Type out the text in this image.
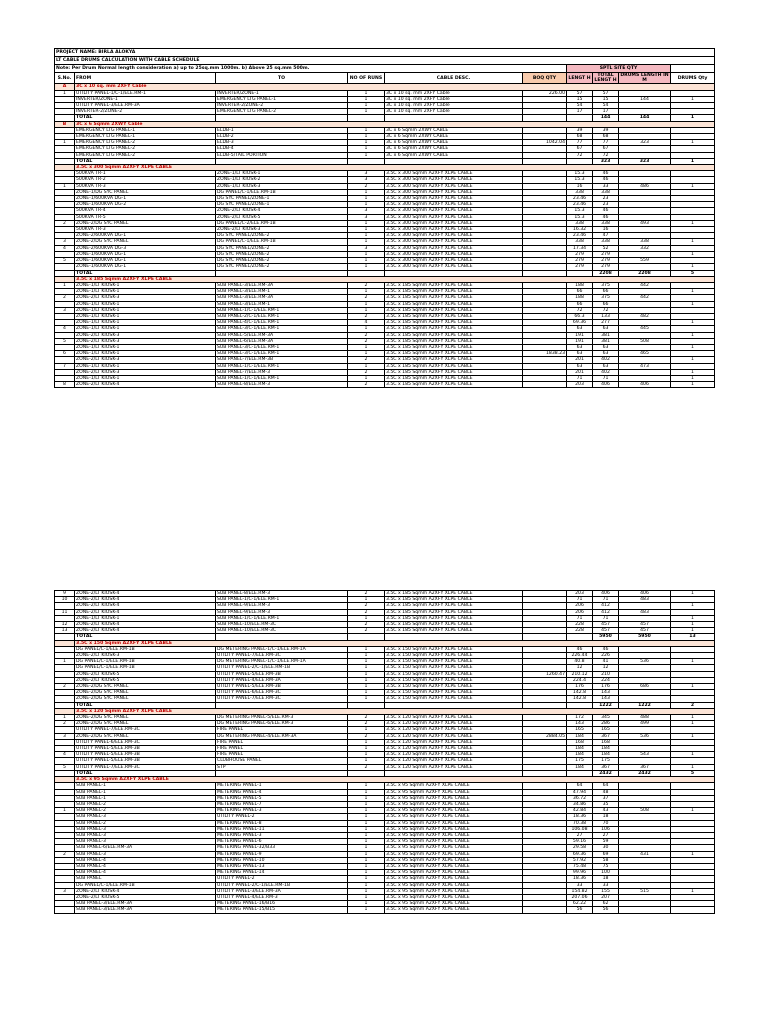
PROJECT NAME: BIRLA ALOKYA									
LT CABLE DRUMS CALCULATION WITH CABLE SCHEDULE									
Note: Per Drum Normal length consideration a) up to 25sq.mm 1000m. b) Above 25 sq.mm 500m.						SPTL SITE QTY			
S.No.	FROM	TO	NO OF RUNS	CABLE DESC.	BOQ QTY	LENGT H	TOTAL LENGT H	DRUMS LENGTH IN M	DRUMS Qty
A	3C x 10 sq. mm 2XFY Cable								
1	UTILITY PANEL-1/C-1/ELE.RM-1	INVERTER/ZONE-1	1	3C x 10 sq. mm 2XFY Cable	226.00	57	57		
	INVERTER/ZONE-1	EMERGENCY LTG PANEL-1	1	3C x 10 sq. mm 2XFY Cable		15	15	144	1
	UTILITY PANEL-3/ELE.RM-3A	INVERTER-2/ZONE-2	1	3C x 10 sq. mm 2XFY Cable		54	54		
	INVERTER-2/ZONE-2	EMERGENCY LTG PANEL-2	1	3C x 10 sq. mm 2XFY Cable		17	17		
	TOTAL						144	144	1
B	3C x 6 Sqmm 2XWY Cable								
	EMERGENCY LTG PANEL-1	ELDB-1	1	3C x 6 Sqmm 2XWY CABLE		39	39		
	EMERGENCY LTG PANEL-1	ELDB-2	1	3C x 6 Sqmm 2XWY CABLE		68	68		
1	EMERGENCY LTG PANEL-2	ELDB-3	1	3C x 6 Sqmm 2XWY CABLE	1042.04	77	77	323	1
	EMERGENCY LTG PANEL-2	ELDB-4	1	3C x 6 Sqmm 2XWY CABLE		67	67		
	EMERGENCY LTG PANEL-2	ELDB-5/TAIL PORTION	1	3C x 6 Sqmm 2XWY CABLE		72	72		
	TOTAL						323	323	1
	3.5C x 300 Sqmm A2XFY XLPE CABLE								
	500KVA TR-1	ZONE-1/LT KIOSK-1	3	3.5C x 300 Sqmm A2XFY XLPE CABLE		15.3	46		
	500KVA TR-2	ZONE-1/LT KIOSK-2	3	3.5C x 300 Sqmm A2XFY XLPE CABLE		15.3	46		
1	500KVA TR-3	ZONE-1/LT KIOSK-3	2	3.5C x 300 Sqmm A2XFY XLPE CABLE		16	33	486	1
	ZONE-1/DG SYC PANEL	DG PANEL/C-1/ELE.RM-1B	1	3.5C x 300 Sqmm A2XFY XLPE CABLE		338	338		
	ZONE-1/600KVA DG-1	DG SYC PANEL/ZONE-1	1	3.5C x 300 Sqmm A2XFY XLPE CABLE		23.46	23		
	ZONE-1/600KVA DG-2	DG SYC PANEL/ZONE-1	1	3.5C x 300 Sqmm A2XFY XLPE CABLE		23.46	23		
	500KVA TR-4	ZONE-2/LT KIOSK-4	3	3.5C x 300 Sqmm A2XFY XLPE CABLE		15.3	46		
	500KVA TR-5	ZONE-2/LT KIOSK-5	3	3.5C x 300 Sqmm A2XFY XLPE CABLE		15.3	46		
2	ZONE-2/DG SYC PANEL	DG PANEL/C-2/ELE.RM-1B	1	3.5C x 300 Sqmm A2XFY XLPE CABLE		338	338	493	1
	500KVA TR-3	ZONE-2/LT KIOSK-3	1	3.5C x 300 Sqmm A2XFY XLPE CABLE		16.32	16		
	ZONE-2/600KVA DG-1	DG SYC PANEL/ZONE-2	1	3.5C x 300 Sqmm A2XFY XLPE CABLE		23.46	47		
3	ZONE-2/DG SYC PANEL	DG PANEL/C-1/ELE.RM-1B	1	3.5C x 300 Sqmm A2XFY XLPE CABLE		338	338	338	1
4	ZONE-2/600KVA DG-3	DG SYC PANEL/ZONE-2	3	3.5C x 300 Sqmm A2XFY XLPE CABLE		17.34	52	332	
	ZONE-1/600KVA DG-1	DG SYC PANEL/ZONE-2	1	3.5C x 300 Sqmm A2XFY XLPE CABLE		279	279		1
5	ZONE-1/600KVA DG-1	DG SYC PANEL/ZONE-2	1	3.5C x 300 Sqmm A2XFY XLPE CABLE		279	279	559	
	ZONE-1/600KVA DG-1	DG SYC PANEL/ZONE-2	1	3.5C x 300 Sqmm A2XFY XLPE CABLE		279	279		1
	TOTAL						2208	2208	5
	3.5C x 185 Sqmm A2XFY XLPE CABLE								
1	ZONE-1/LT KIOSK-1	SUB PANEL-3/ELE.RM-3A	2	3.5C x 185 Sqmm A2XFY XLPE CABLE		188	375	442	
	ZONE-1/LT KIOSK-1	SUB PANEL-3/ELE.RM-1	1	3.5C x 185 Sqmm A2XFY XLPE CABLE		66	66		1
2	ZONE-2/LT KIOSK-3	SUB PANEL-3/ELE.RM-3A	2	3.5C x 185 Sqmm A2XFY XLPE CABLE		188	375	442	
	ZONE-1/LT KIOSK-1	SUB PANEL-3/ELE.RM-1	1	3.5C x 185 Sqmm A2XFY XLPE CABLE		66	66		1
3	ZONE-1/LT KIOSK-1	SUB PANEL-1/C-1/ELE.RM-1	1	3.5C x 185 Sqmm A2XFY XLPE CABLE		72	72		
	ZONE-1/LT KIOSK-1	SUB PANEL-2/C-1/ELE.RM-1	2	3.5C x 185 Sqmm A2XFY XLPE CABLE		66.3	133	482	
	ZONE-1/LT KIOSK-1	SUB PANEL-4/C-1/ELE.RM-1	4	3.5C x 185 Sqmm A2XFY XLPE CABLE		69.36	277		1
4	ZONE-1/LT KIOSK-1	SUB PANEL-3/C-1/ELE.RM-1	1	3.5C x 185 Sqmm A2XFY XLPE CABLE		63	63	445	
	ZONE-2/LT KIOSK-3	SUB PANEL-5/ELE.RM-3A	2	3.5C x 185 Sqmm A2XFY XLPE CABLE		191	381		1
5	ZONE-2/LT KIOSK-3	SUB PANEL-6/ELE.RM-3A	2	3.5C x 185 Sqmm A2XFY XLPE CABLE		191	381	508	
	ZONE-1/LT KIOSK-1	SUB PANEL-3/C-1/ELE.RM-1	1	3.5C x 185 Sqmm A2XFY XLPE CABLE		63	63		1
6	ZONE-1/LT KIOSK-1	SUB PANEL-3/C-1/ELE.RM-1	1	3.5C x 185 Sqmm A2XFY XLPE CABLE	1838.23	63	63	465	
	ZONE-2/LT KIOSK-3	SUB PANEL-7/ELE.RM-3B	2	3.5C x 185 Sqmm A2XFY XLPE CABLE		201	402		1
7	ZONE-1/LT KIOSK-1	SUB PANEL-1/C-1/ELE.RM-1	1	3.5C x 185 Sqmm A2XFY XLPE CABLE		63	63	473	
	ZONE-2/LT KIOSK-3	SUB PANEL-7/ELE.RM-3	2	3.5C x 185 Sqmm A2XFY XLPE CABLE		201	402		1
	ZONE-1/LT KIOSK-1	SUB PANEL-1/C-1/ELE.RM-1	1	3.5C x 185 Sqmm A2XFY XLPE CABLE		71	71		1
8	ZONE-2/LT KIOSK-4	SUB PANEL-8/ELE.RM-3	2	3.5C x 185 Sqmm A2XFY XLPE CABLE		203	406	406	1
9	ZONE-2/LT KIOSK-4	SUB PANEL-8/ELE.RM-3	2	3.5C x 185 Sqmm A2XFY XLPE CABLE		203	406	406	1
10	ZONE-2/LT KIOSK-4	SUB PANEL-1/C-1/ELE.RM-1	1	3.5C x 185 Sqmm A2XFY XLPE CABLE		71	71	483	
	ZONE-2/LT KIOSK-4	SUB PANEL-9/ELE.RM-3	2	3.5C x 185 Sqmm A2XFY XLPE CABLE		206	412		1
11	ZONE-2/LT KIOSK-4	SUB PANEL-9/ELE.RM-3	2	3.5C x 185 Sqmm A2XFY XLPE CABLE		206	412	483	
	ZONE-1/LT KIOSK-1	SUB PANEL-1/C-1/ELE.RM-1	1	3.5C x 185 Sqmm A2XFY XLPE CABLE		71	71		1
12	ZONE-2/LT KIOSK-4	SUB PANEL-10/ELE.RM-3C	2	3.5C x 185 Sqmm A2XFY XLPE CABLE		228	457	457	1
13	ZONE-2/LT KIOSK-4	SUB PANEL-10/ELE.RM-3C	2	3.5C x 185 Sqmm A2XFY XLPE CABLE		228	457	457	1
	TOTAL						5950	5950	13
	3.5C x 150 Sqmm A2XFY XLPE CABLE								
	DG PANEL/C-1/ELE.RM-1B	DG METERING PANEL-1/C-1/ELE.RM-1A	1	3.5C x 150 Sqmm A2XFY XLPE CABLE		46	46		
	ZONE-2/LT KIOSK-3	UTILITY PANEL-7/ELE.RM-3C	1	3.5C x 150 Sqmm A2XFY XLPE CABLE		226.44	226		
1	DG PANEL/C-1/ELE.RM-1B	DG METERING PANEL-1/C-1/ELE.RM-1A	1	3.5C x 150 Sqmm A2XFY XLPE CABLE		40.8	41	536	1
	DG PANEL/C-1/ELE.RM-1B	UTILITY PANEL-2/C-1/ELE.RM-1B	1	3.5C x 150 Sqmm A2XFY XLPE CABLE		12	12		
	ZONE-2/LT KIOSK-5	UTILITY PANEL-5/ELE.RM-3B	1	3.5C x 150 Sqmm A2XFY XLPE CABLE	1260.47	210.12	210		
	ZONE-2/LT KIOSK-5	UTILITY PANEL-4/ELE.RM-3A	1	3.5C x 150 Sqmm A2XFY XLPE CABLE		224.4	224		
2	ZONE-2/DG SYC PANEL	UTILITY PANEL-5/ELE.RM-3B	1	3.5C x 150 Sqmm A2XFY XLPE CABLE		176	176	686	1
	ZONE-2/DG SYC PANEL	UTILITY PANEL-6/ELE.RM-3C	1	3.5C x 150 Sqmm A2XFY XLPE CABLE		142.8	143		
	ZONE-2/DG SYC PANEL	UTILITY PANEL-7/ELE.RM-3C	1	3.5C x 150 Sqmm A2XFY XLPE CABLE		142.8	143		
	TOTAL						1222	1222	2
	3.5C x 120 Sqmm A2XFY XLPE CABLE								
1	ZONE-2/DG SYC PANEL	DG METERING PANEL-5/ELE.RM-3	2	3.5C x 120 Sqmm A2XFY XLPE CABLE		172	345	488	1
2	ZONE-2/DG SYC PANEL	DG METERING PANEL-6/ELE.RM-3	2	3.5C x 120 Sqmm A2XFY XLPE CABLE		143	286	499	1
	UTILITY PANEL-7/ELE.RM-3C	FIRE PANEL	1	3.5C x 120 Sqmm A2XFY XLPE CABLE		165	165		
3	ZONE-2/DG SYC PANEL	DG METERING PANEL-4/ELE.RM-3A	2	3.5C x 120 Sqmm A2XFY XLPE CABLE	2884.05	184	367	536	1
	UTILITY PANEL-6/ELE.RM-3C	FIRE PANEL	1	3.5C x 120 Sqmm A2XFY XLPE CABLE		168	168		
	UTILITY PANEL-5/ELE.RM-3B	FIRE PANEL	1	3.5C x 120 Sqmm A2XFY XLPE CABLE		184	184		
4	UTILITY PANEL-5/ELE.RM-3B	FIRE PANEL	1	3.5C x 120 Sqmm A2XFY XLPE CABLE		184	184	543	1
	UTILITY PANEL-5/ELE.RM-3B	CLUBHOUSE PANEL	1	3.5C x 120 Sqmm A2XFY XLPE CABLE		175	175		
5	UTILITY PANEL-7/ELE.RM-3C	STP	2	3.5C x 120 Sqmm A2XFY XLPE CABLE		184	367	367	1
	TOTAL						2432	2432	5
	3.5C x 95 Sqmm A2XFY XLPE CABLE								
	SUB PANEL-1	METERING PANEL-1	1	3.5C x 95 Sqmm A2XFY XLPE CABLE		64	64		
	SUB PANEL-1	METERING PANEL-4	1	3.5C x 95 Sqmm A2XFY XLPE CABLE		47.94	48		
	SUB PANEL-1	METERING PANEL-5	1	3.5C x 95 Sqmm A2XFY XLPE CABLE		36.72	37		
	SUB PANEL-2	METERING PANEL-7	1	3.5C x 95 Sqmm A2XFY XLPE CABLE		34.86	35		
1	SUB PANEL-2	METERING PANEL-3	1	3.5C x 95 Sqmm A2XFY XLPE CABLE		42.84	43	508	1
	SUB PANEL-3	UTILITY PANEL-2	1	3.5C x 95 Sqmm A2XFY XLPE CABLE		18.36	18		
	SUB PANEL-2	METERING PANEL-8	1	3.5C x 95 Sqmm A2XFY XLPE CABLE		70.38	70		
	SUB PANEL-3	METERING PANEL-11	1	3.5C x 95 Sqmm A2XFY XLPE CABLE		106.08	106		
	SUB PANEL-3	METERING PANEL-3	1	3.5C x 95 Sqmm A2XFY XLPE CABLE		27	27		
	SUB PANEL-3	METERING PANEL-6	1	3.5C x 95 Sqmm A2XFY XLPE CABLE		59.16	59		
	SUB PANEL-6/ELE.RM-3A	METERING PANEL-32/B33	1	3.5C x 95 Sqmm A2XFY XLPE CABLE		29.58	30		
2	SUB PANEL-3	METERING PANEL-9	1	3.5C x 95 Sqmm A2XFY XLPE CABLE		69.36	69	431	1
	SUB PANEL-4	METERING PANEL-10	1	3.5C x 95 Sqmm A2XFY XLPE CABLE		57.92	58		
	SUB PANEL-4	METERING PANEL-13	1	3.5C x 95 Sqmm A2XFY XLPE CABLE		75.48	75		
	SUB PANEL-4	METERING PANEL-14	1	3.5C x 95 Sqmm A2XFY XLPE CABLE		99.96	100		
	SUB PANEL	UTILITY PANEL-2	1	3.5C x 95 Sqmm A2XFY XLPE CABLE		18.36	18		
	DG PANEL/C-1/ELE.RM-1B	UTILITY PANEL-2/C-1/ELE.RM-1B	1	3.5C x 95 Sqmm A2XFY XLPE CABLE		33	33		
3	ZONE-2/LT KIOSK-4	UTILITY PANEL-3/ELE.RM-3A	1	3.5C x 95 Sqmm A2XFY XLPE CABLE		154.82	155	515	1
	ZONE-2/LT KIOSK-5	UTILITY PANEL-4/ELE.RM-3	1	3.5C x 95 Sqmm A2XFY XLPE CABLE		207.06	207		
	SUB PANEL-3/ELE.RM-3A	METERING PANEL-16/B16	1	3.5C x 95 Sqmm A2XFY XLPE CABLE		62.22	62		
	SUB PANEL-3/ELE.RM-3A	METERING PANEL-15/B15	1	3.5C x 95 Sqmm A2XFY XLPE CABLE		56	56		
